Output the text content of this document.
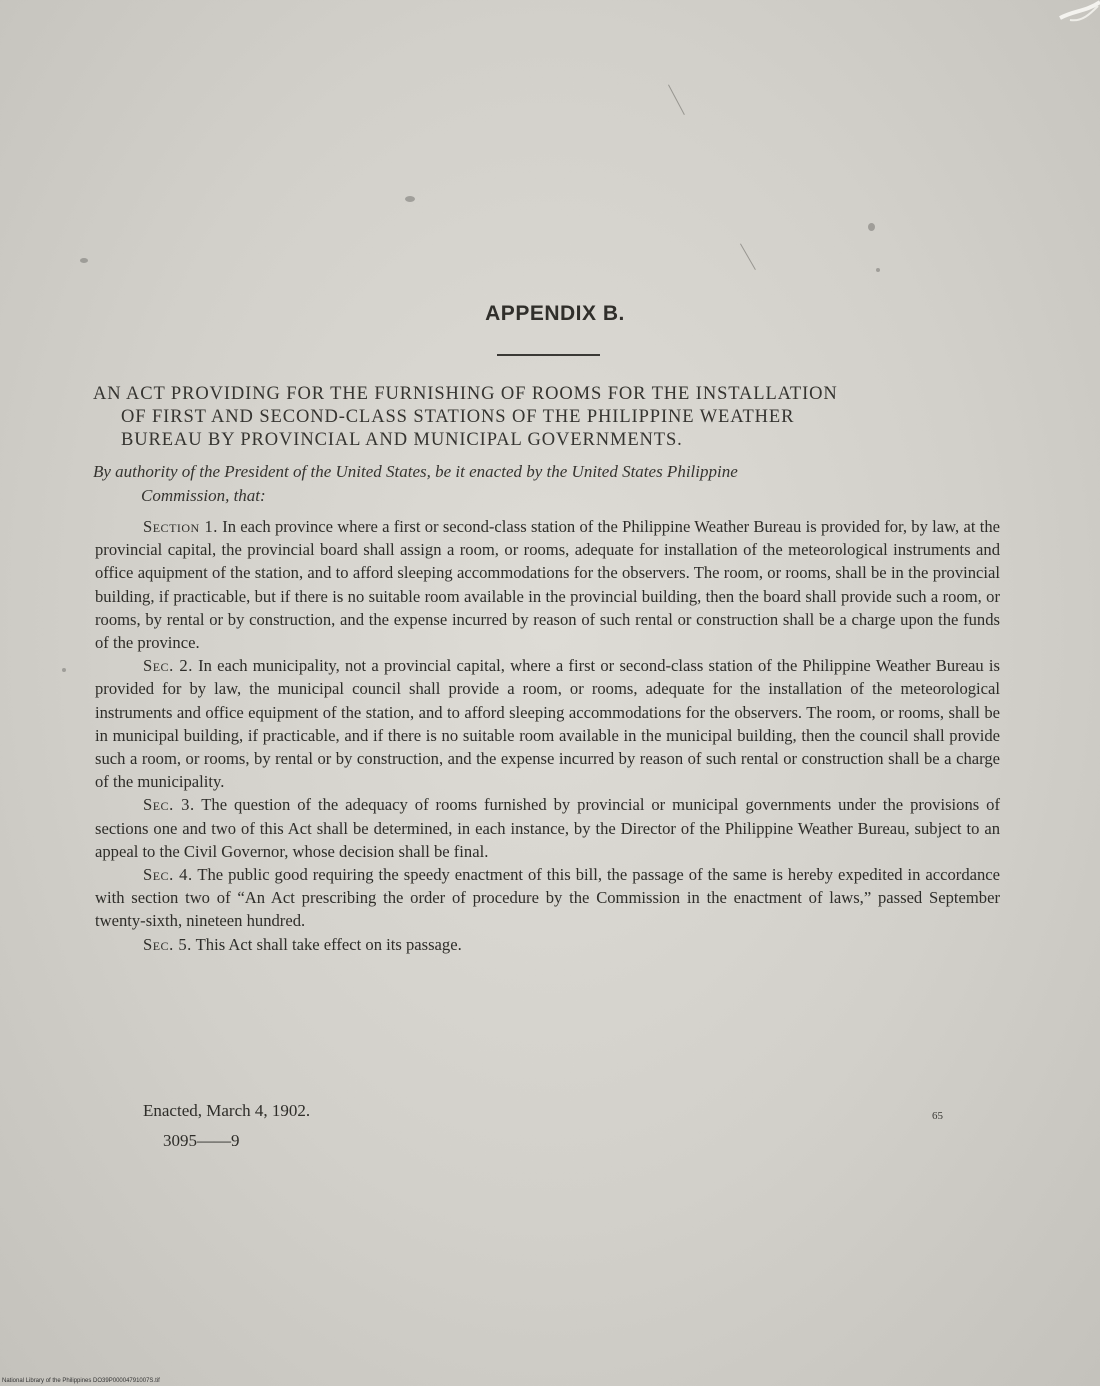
APPENDIX B.
AN ACT PROVIDING FOR THE FURNISHING OF ROOMS FOR THE INSTALLATION
OF FIRST AND SECOND-CLASS STATIONS OF THE PHILIPPINE WEATHER
BUREAU BY PROVINCIAL AND MUNICIPAL GOVERNMENTS.
By authority of the President of the United States, be it enacted by the United States Philippine
Commission, that:

Section 1. In each province where a first or second-class station of the Philippine Weather Bureau is provided for, by law, at the provincial capital, the provincial board shall assign a room, or rooms, adequate for installation of the meteorological instruments and office aquipment of the station, and to afford sleeping accommodations for the observers. The room, or rooms, shall be in the provincial building, if practicable, but if there is no suitable room available in the provincial building, then the board shall provide such a room, or rooms, by rental or by construction, and the expense incurred by reason of such rental or construction shall be a charge upon the funds of the province.

Sec. 2. In each municipality, not a provincial capital, where a first or second-class station of the Philippine Weather Bureau is provided for by law, the municipal council shall provide a room, or rooms, adequate for the installation of the meteorological instruments and office equipment of the station, and to afford sleeping accommodations for the observers. The room, or rooms, shall be in municipal building, if practicable, and if there is no suitable room available in the municipal building, then the council shall provide such a room, or rooms, by rental or by construction, and the expense incurred by reason of such rental or construction shall be a charge of the municipality.

Sec. 3. The question of the adequacy of rooms furnished by provincial or municipal governments under the provisions of sections one and two of this Act shall be determined, in each instance, by the Director of the Philippine Weather Bureau, subject to an appeal to the Civil Governor, whose decision shall be final.

Sec. 4. The public good requiring the speedy enactment of this bill, the passage of the same is hereby expedited in accordance with section two of “An Act prescribing the order of procedure by the Commission in the enactment of laws,” passed September twenty-sixth, nineteen hundred.

Sec. 5. This Act shall take effect on its passage.

Enacted, March 4, 1902.	65
3095——9
National Library of the Philippines DO39P00004791007S.tif
